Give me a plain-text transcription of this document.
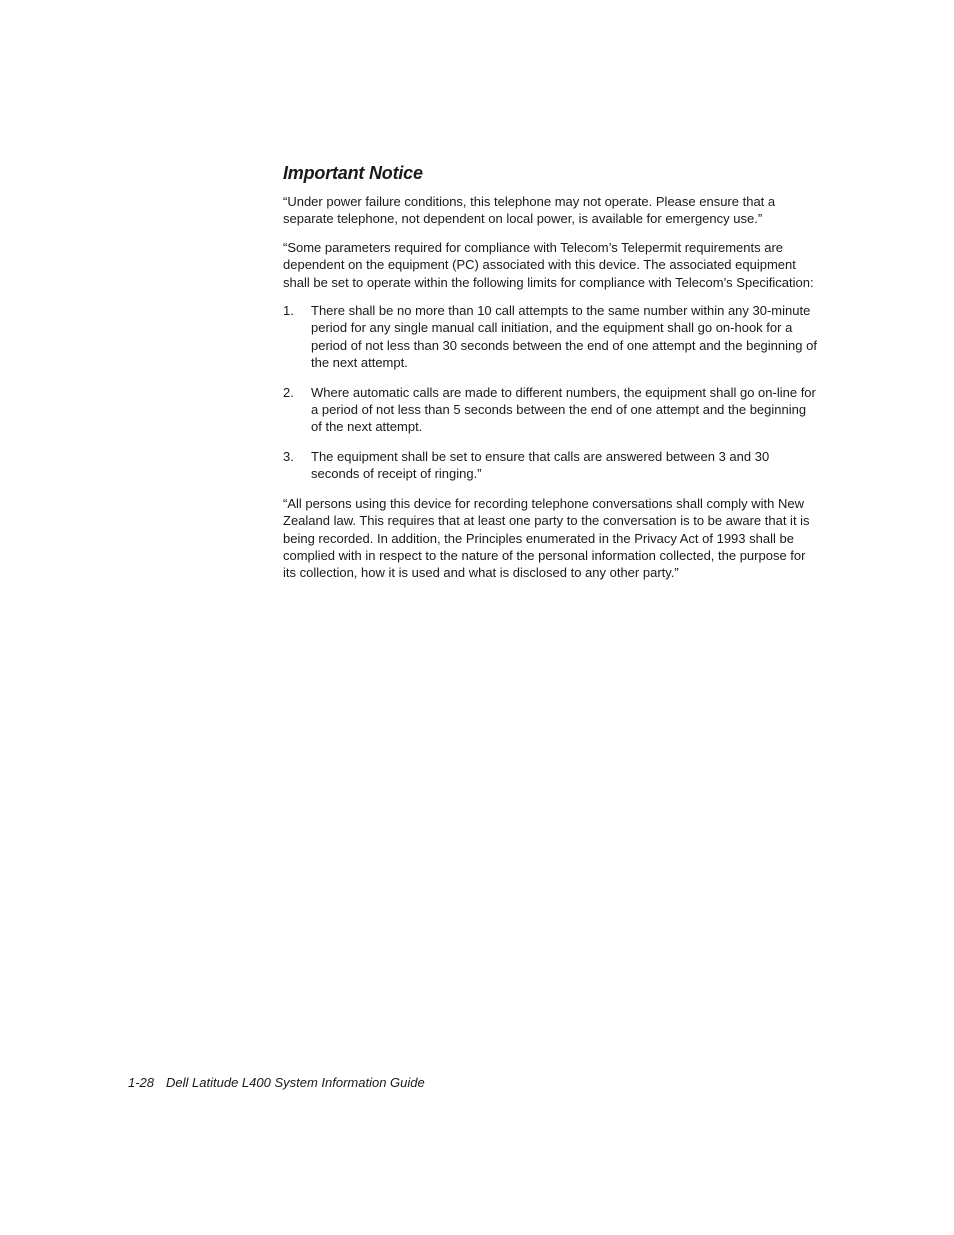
Important Notice

“Under power failure conditions, this telephone may not operate. Please ensure that a separate telephone, not dependent on local power, is available for emergency use.”

“Some parameters required for compliance with Telecom’s Telepermit requirements are dependent on the equipment (PC) associated with this device. The associated equipment shall be set to operate within the following limits for compliance with Telecom’s Specification:

1.	There shall be no more than 10 call attempts to the same number within any 30-minute period for any single manual call initiation, and the equipment shall go on-hook for a period of not less than 30 seconds between the end of one attempt and the beginning of the next attempt.
2.	Where automatic calls are made to different numbers, the equipment shall go on-line for a period of not less than 5 seconds between the end of one attempt and the beginning of the next attempt.
3.	The equipment shall be set to ensure that calls are answered between 3 and 30 seconds of receipt of ringing.”

“All persons using this device for recording telephone conversations shall comply with New Zealand law. This requires that at least one party to the conversation is to be aware that it is being recorded. In addition, the Principles enumerated in the Privacy Act of 1993 shall be complied with in respect to the nature of the personal information collected, the purpose for its collection, how it is used and what is disclosed to any other party.”

1-28 Dell Latitude L400 System Information Guide
